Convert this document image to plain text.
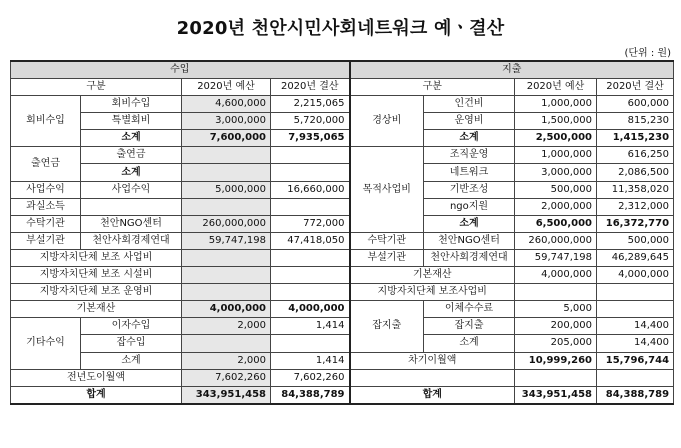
2020년 천안시민사회네트워크 예ㆍ결산
(단위 : 원)
수입				지출			
구분		2020년 예산	2020년 결산	구분		2020년 예산	2020년 결산
회비수입	회비수입	4,600,000	2,215,065	경상비	인건비	1,000,000	600,000
	특별회비	3,000,000	5,720,000		운영비	1,500,000	815,230
	소계	7,600,000	7,935,065		소계	2,500,000	1,415,230
출연금	출연금			목적사업비	조직운영	1,000,000	616,250
	소계				네트워크	3,000,000	2,086,500
사업수익	사업수익	5,000,000	16,660,000		기반조성	500,000	11,358,020
과실소득					ngo지원	2,000,000	2,312,000
수탁기관	천안NGO센터	260,000,000	772,000		소계	6,500,000	16,372,770
부설기관	천안사회경제연대	59,747,198	47,418,050	수탁기관	천안NGO센터	260,000,000	500,000
지방자치단체 보조 사업비				부설기관	천안사회경제연대	59,747,198	46,289,645
지방자치단체 보조 시설비				기본재산		4,000,000	4,000,000
지방자치단체 보조 운영비				지방자치단체 보조사업비			
기본재산		4,000,000	4,000,000	잡지출	이체수수료	5,000	
기타수익	이자수입	2,000	1,414		잡지출	200,000	14,400
	잡수입				소계	205,000	14,400
	소계	2,000	1,414	차기이월액		10,999,260	15,796,744
전년도이월액		7,602,260	7,602,260				
합계		343,951,458	84,388,789	합계		343,951,458	84,388,789
